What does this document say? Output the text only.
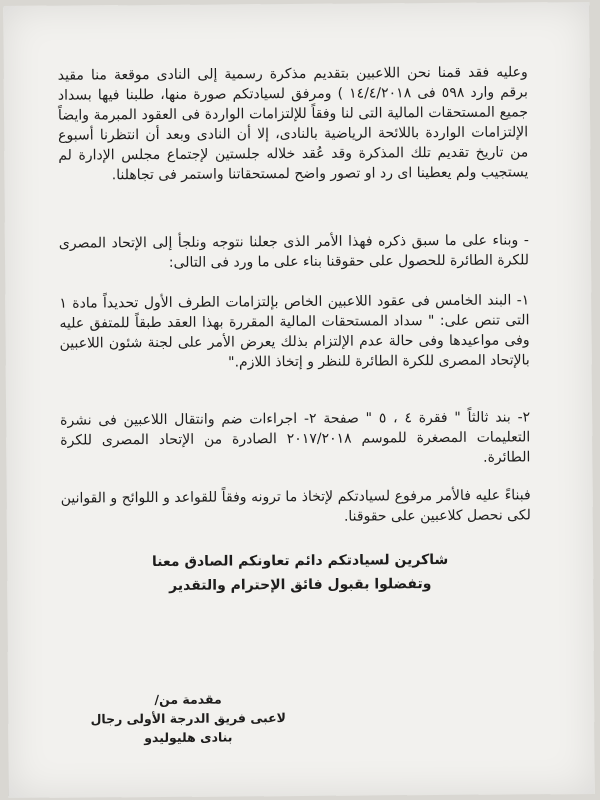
وعليه فقد قمنا نحن اللاعبين بتقديم مذكرة رسمية إلى النادى موقعة منا مقيد برقم وارد ٥٩٨ فى ١٤/٤/٢٠١٨ ) ومرفق لسيادتكم صورة منها، طلبنا فيها بسداد جميع المستحقات المالية التى لنا وفقاً للإلتزامات الواردة فى العقود المبرمة وايضاً الإلتزامات الواردة باللائحة الرياضية بالنادى، إلا أن النادى وبعد أن انتظرنا أسبوع من تاريخ تقديم تلك المذكرة وقد عُقد خلاله جلستين لإجتماع مجلس الإدارة لم يستجيب ولم يعطينا اى رد او تصور واضح لمستحقاتنا واستمر فى تجاهلنا.

- وبناء على ما سبق ذكره فهذا الأمر الذى جعلنا نتوجه ونلجأ إلى الإتحاد المصرى للكرة الطائرة للحصول على حقوقنا بناء على ما ورد فى التالى:

١- البند الخامس فى عقود اللاعبين الخاص بإلتزامات الطرف الأول تحديداً مادة ١ التى تنص على: " سداد المستحقات المالية المقررة بهذا العقد طبقاً للمتفق عليه وفى مواعيدها وفى حالة عدم الإلتزام بذلك يعرض الأمر على لجنة شئون اللاعبين بالإتحاد المصرى للكرة الطائرة للنظر و إتخاذ اللازم."

٢- بند ثالثاً " فقرة ٤ ، ٥ " صفحة ٢- اجراءات ضم وانتقال اللاعبين فى نشرة التعليمات المصغرة للموسم ٢٠١٧/٢٠١٨ الصادرة من الإتحاد المصرى للكرة الطائرة.

فبناءً عليه فالأمر مرفوع لسيادتكم لإتخاذ ما ترونه وفقاً للقواعد و اللوائح و القوانين لكى نحصل كلاعبين على حقوقنا.

شاكرين لسيادتكم دائم تعاونكم الصادق معنا
وتفضلوا بقبول فائق الإحترام والتقدير
مقدمة من/
لاعبى فريق الدرجة الأولى رجال
بنادى هليوليدو
